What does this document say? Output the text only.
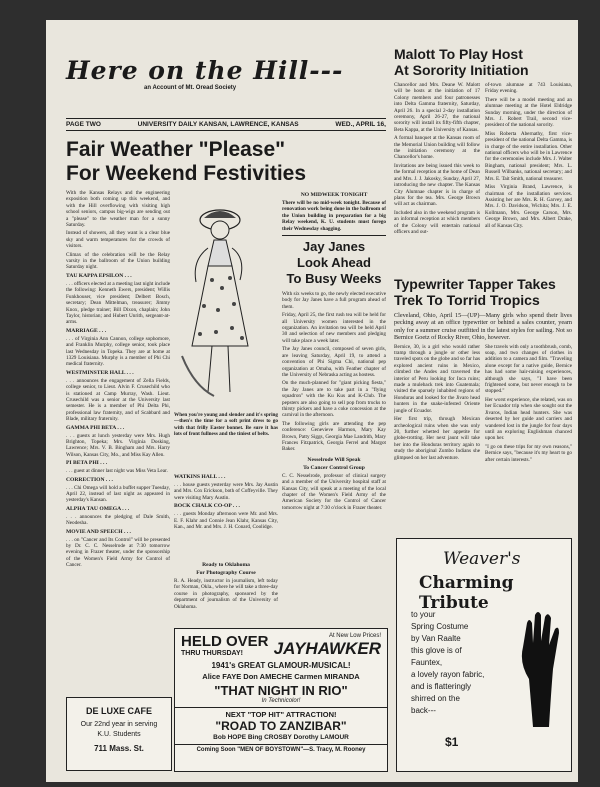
Here on the Hill---
an Account of Mt. Oread Society
PAGE TWO	UNIVERSITY DAILY KANSAN, LAWRENCE, KANSAS	WED., APRIL 16,
Fair Weather "Please"
For Weekend Festivities

With the Kansas Relays and the engineering exposition both coming up this weekend, and with the Hill overflowing with visiting high school seniors, campus big-wigs are sending out a "please" to the weather man for a sunny Saturday.

Instead of showers, all they want is a clear blue sky and warm temperatures for the crowds of visitors.

Climax of the celebration will be the Relay varsity in the ballroom of the Union building Saturday night.

TAU KAPPA EPSILON . . .

. . . officers elected at a meeting last night include the following: Kenneth Ewers, president; Willis Funkhouser, vice president; Delbert Bosch, secretary; Dean Mittelman, treasurer; Jimmy Knox, pledge trainer; Bill Dixon, chaplain; John Taylor, historian; and Hubert Unrith, sergeant-at-arms.

MARRIAGE . . .

. . . of Virginia Ann Cannon, college sophomore, and Franklin Murphy, college senior, took place last Wednesday in Topeka. They are at home at 1329 Louisiana. Murphy is a member of Phi Chi medical fraternity.

WESTMINSTER HALL . . .

. . . announces the engagement of Zella Fields, college senior, to Lieut. Alvin F. Crusechild who is stationed at Camp Murray, Wash. Lieut. Crusechild was a senior at the University last semester. He is a member of Phi Delta Phi, professional law fraternity, and of Scabbard and Blade, military fraternity.

GAMMA PHI BETA . . .

. . . guests at lunch yesterday were Mrs. Hugh Brighton, Topeka; Mrs. Virginia Dosking, Lawrence; Mrs. V. B. Bingham and Mrs. Harry Wilson, Kansas City, Mo., and Miss Kay Allen.

PI BETA PHI . . .

. . . guest at dinner last night was Miss Veta Lear.

CORRECTION . . .

. . . Chi Omega will hold a buffet supper Tuesday, April 22, instead of last night as appeared in yesterday's Kansan.

ALPHA TAU OMEGA . . .

. . . announces the pledging of Dale Smith, Neodesha.

MOVIE AND SPEECH . . .

. . . on "Cancer and Its Control" will be presented by Dr. C. C. Nesselrode at 7:30 tomorrow evening in Frazer theater, under the sponsorship of the Women's Field Army for Control of Cancer.

DE LUXE CAFE
Our 22nd year in serving
K.U. Students
711 Mass. St.

When you're young and slender and it's spring—then's the time for a soft print dress to go with that frilly Easter bonnet. Be sure it has lots of front fullness and the tiniest of belts.

WATKINS HALL . . .

. . . house guests yesterday were Mrs. Jay Austin and Mrs. Cox Erickson, both of Coffeyville. They were visiting Mary Austin.

BOCK CHALK CO-OP . . .

. . . guests Monday afternoon were Mr. and Mrs. E. F. Klahr and Connie Jean Klahr, Kansas City, Kan., and Mr. and Mrs. J. H. Conard, Coolidge.

Ready to Oklahoma
For Photography Course

R. A. Heady, instructor in journalism, left today for Norman, Okla., where he will take a three-day course in photography, sponsored by the department of journalism of the University of Oklahoma.

NO MIDWEEK TONIGHT

There will be no mid-week tonight. Because of renovation work being done in the ballroom of the Union building in preparation for a big Relay weekend, K. U. students must forego their Wednesday shagging.

Jay Janes
Look Ahead
To Busy Weeks

With six weeks to go, the newly elected executive body for Jay Janes have a full program ahead of them.

Friday, April 25, the first rush tea will be held for all University women interested in the organization. An invitation tea will be held April 30 and selection of new members and pledging will take place a week later.

The Jay Janes council, composed of seven girls, are leaving Saturday, April 19, to attend a convention of Phi Sigma Chi, national pep organization at Omaha, with Feather chapter of the University of Nebraska acting as hostess.

On the much-planned for "giant picking fiesta," the Jay Janes are to take part in a "flying squadron" with the Ku Kus and K-Club. The pepsters are also going to sell pop from trucks to thirsty pickers and have a coke concession at the carnival in the afternoon.

The following girls are attending the pep conference: Genevieve Harmon, Mary Kay Brown, Patty Siggs, Georgia Mae Landrith, Mary Frances Fitzpatrick, Georgia Ferrel and Margot Baker.

Nesselrode Will Speak
To Cancer Control Group

C. C. Nesselrode, professor of clinical surgery and a member of the University hospital staff at Kansas City, will speak at a meeting of the local chapter of the Women's Field Army of the American Society for the Control of Cancer tomorrow night at 7:30 o'clock in Frazer theater.

HELD OVER
THRU THURSDAY!
At New Low Prices!
JAYHAWKER
1941's GREAT GLAMOUR-MUSICAL!
Alice FAYE Don AMECHE Carmen MIRANDA
"THAT NIGHT IN RIO"
In Technicolor!
NEXT "TOP HIT" ATTRACTION!
"ROAD TO ZANZIBAR"
Bob HOPE Bing CROSBY Dorothy LAMOUR
Coming Soon "MEN OF BOYSTOWN"—S. Tracy, M. Rooney
Malott To Play Host
At Sorority Initiation

Chancellor and Mrs. Deane W. Malott will be hosts at the initiation of 17 Colony members and four patronesses into Delta Gamma fraternity, Saturday, April 26. In a special 2-day installation ceremony, April 26-27, the national sorority will install its fifty-fifth chapter, Beta Kappa, at the University of Kansas.

A formal banquet at the Kansas room of the Memorial Union building will follow the initiation ceremony at the Chancellor's home.

Invitations are being issued this week to the formal reception at the home of Dean and Mrs. J. J. Jakosky, Sunday, April 27, introducing the new chapter. The Kansas City Alumnae chapter is in charge of plans for the tea. Mrs. George Brown will act as chairman.

Included also in the weekend program is an informal reception at which members of the Colony will entertain national officers and out-

of-town alumnae at 743 Louisiana, Friday evening.

There will be a model meeting and an alumnae meeting at the Hotel Eldridge Sunday morning, under the direction of Mrs. J. Robert Trail, second vice-president of the national sorority.

Miss Roberta Abernathy, first vice-president of the national Delta Gamma, is in charge of the entire installation. Other national officers who will be in Lawrence for the ceremonies include Mrs. J. Walter Bingham, national president; Mrs. L. Russell Wilbanks, national secretary; and Mrs. E. Tait Smith, national treasurer.

Miss Virginia Brand, Lawrence, is chairman of the installation services. Assisting her are Mrs. R. H. Garvey, and Mrs. J. O. Davidson, Wichita; Mrs. J. E. Kollmann, Mrs. George Carson, Mrs. George Brown, and Mrs. Albert Drake, all of Kansas City.

Typewriter Tapper Takes
Trek To Torrid Tropics

Cleveland, Ohio, April 15—(UP)—Many girls who spend their lives pecking away at an office typewriter or behind a sales counter, yearn only for a summer cruise outfitted in the latest styles for sailing. Not so Bernice Goetz of Rocky River, Ohio, however.

Bernice, 30, is a girl who would rather tramp through a jungle or other less traveled spots on the globe and so far has explored ancient ruins in Mexico, climbed the Andes and traversed the interior of Peru looking for Inca ruins; made a muleback trek into Guatemala; visited the sparsely inhabited regions of Honduras and looked for the Jivaro head hunters in the snake-infested Oriente jungle of Ecuador.

Her first trip, through Mexican archeological ruins when she was only 20, further whetted her appetite for globe-trotting. Her next jaunt will take her into the Honduras territory again to study the aboriginal Zumbo Indians she glimpsed on her last adventure.

She travels with only a toothbrush, comb, soap, and two changes of clothes in addition to a camera and film. "Traveling alone except for a native guide, Bernice has had some hair-raising experiences, although she says, "I have been frightened some, but never enough to be stopped."

Her worst experience, she related, was on her Ecuador trip when she sought out the Jivaros, Indian head hunters. She was deserted by her guide and carriers and wandered lost in the jungle for four days until an exploring Englishman chanced upon her.

"I go on these trips for my own reasons," Bernice says, "because it's my heart to go after certain interests."

Weaver's
Charming Tribute
to your
Spring Costume
by Van Raalte
this glove is of
Fauntex,
a lovely rayon fabric,
and is flatteringly
shirred on the
back---
$1
